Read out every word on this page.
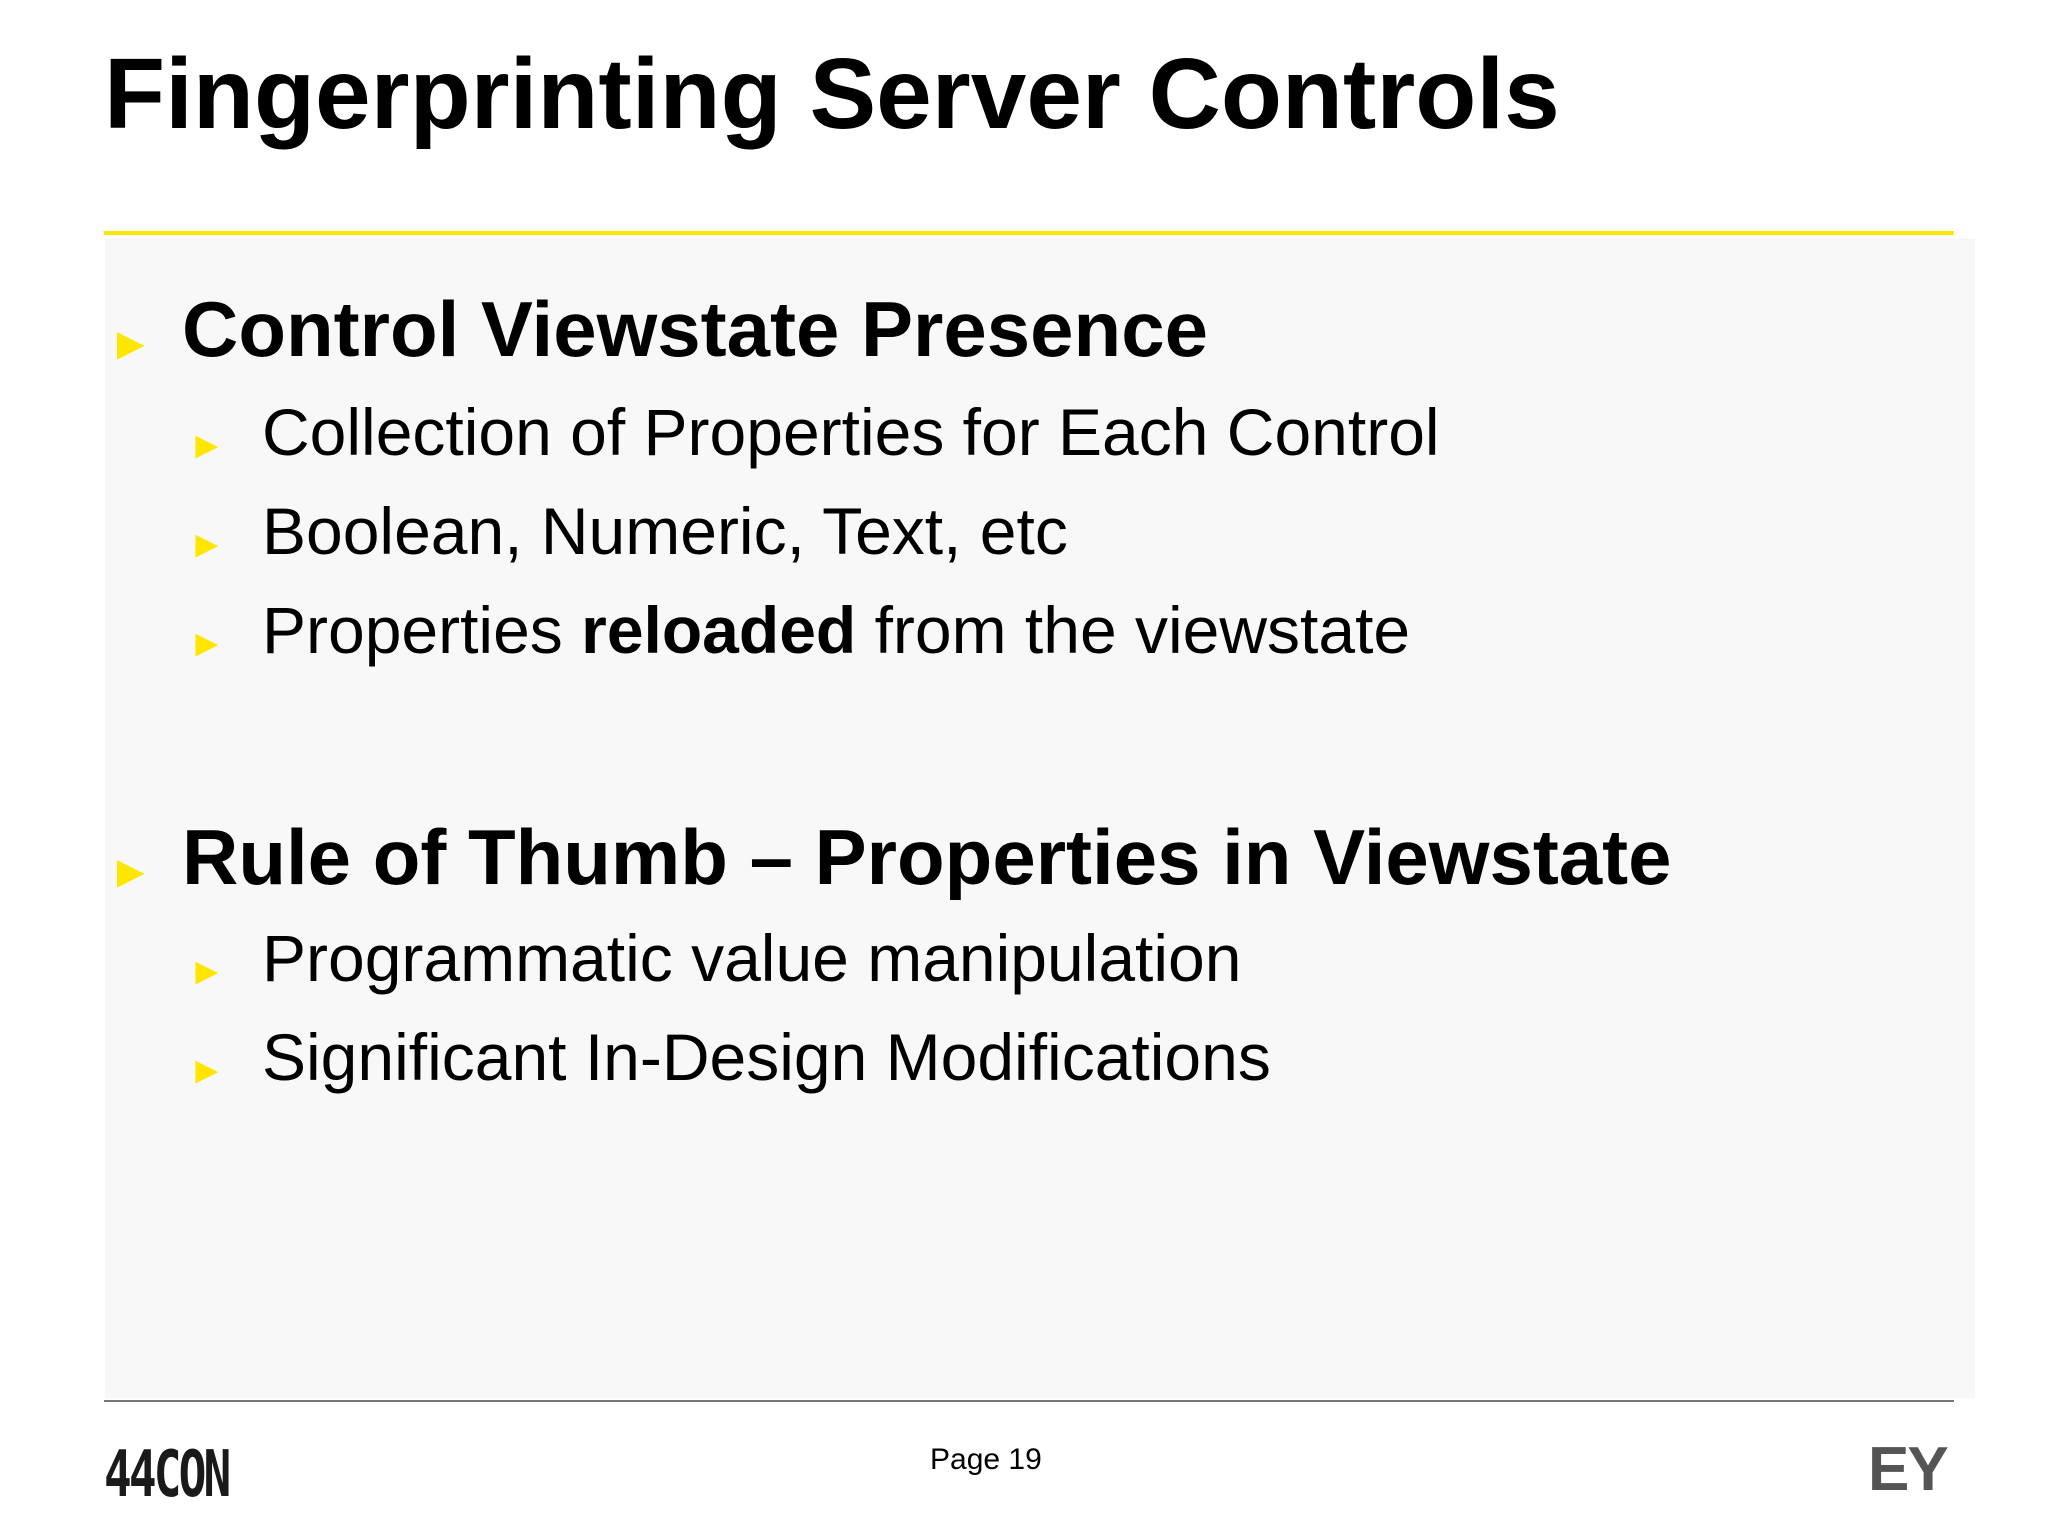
Fingerprinting Server Controls
► Control Viewstate Presence
► Collection of Properties for Each Control
► Boolean, Numeric, Text, etc
► Properties reloaded from the viewstate
► Rule of Thumb – Properties in Viewstate
► Programmatic value manipulation
► Significant In-Design Modifications
44CON	Page 19	EY
